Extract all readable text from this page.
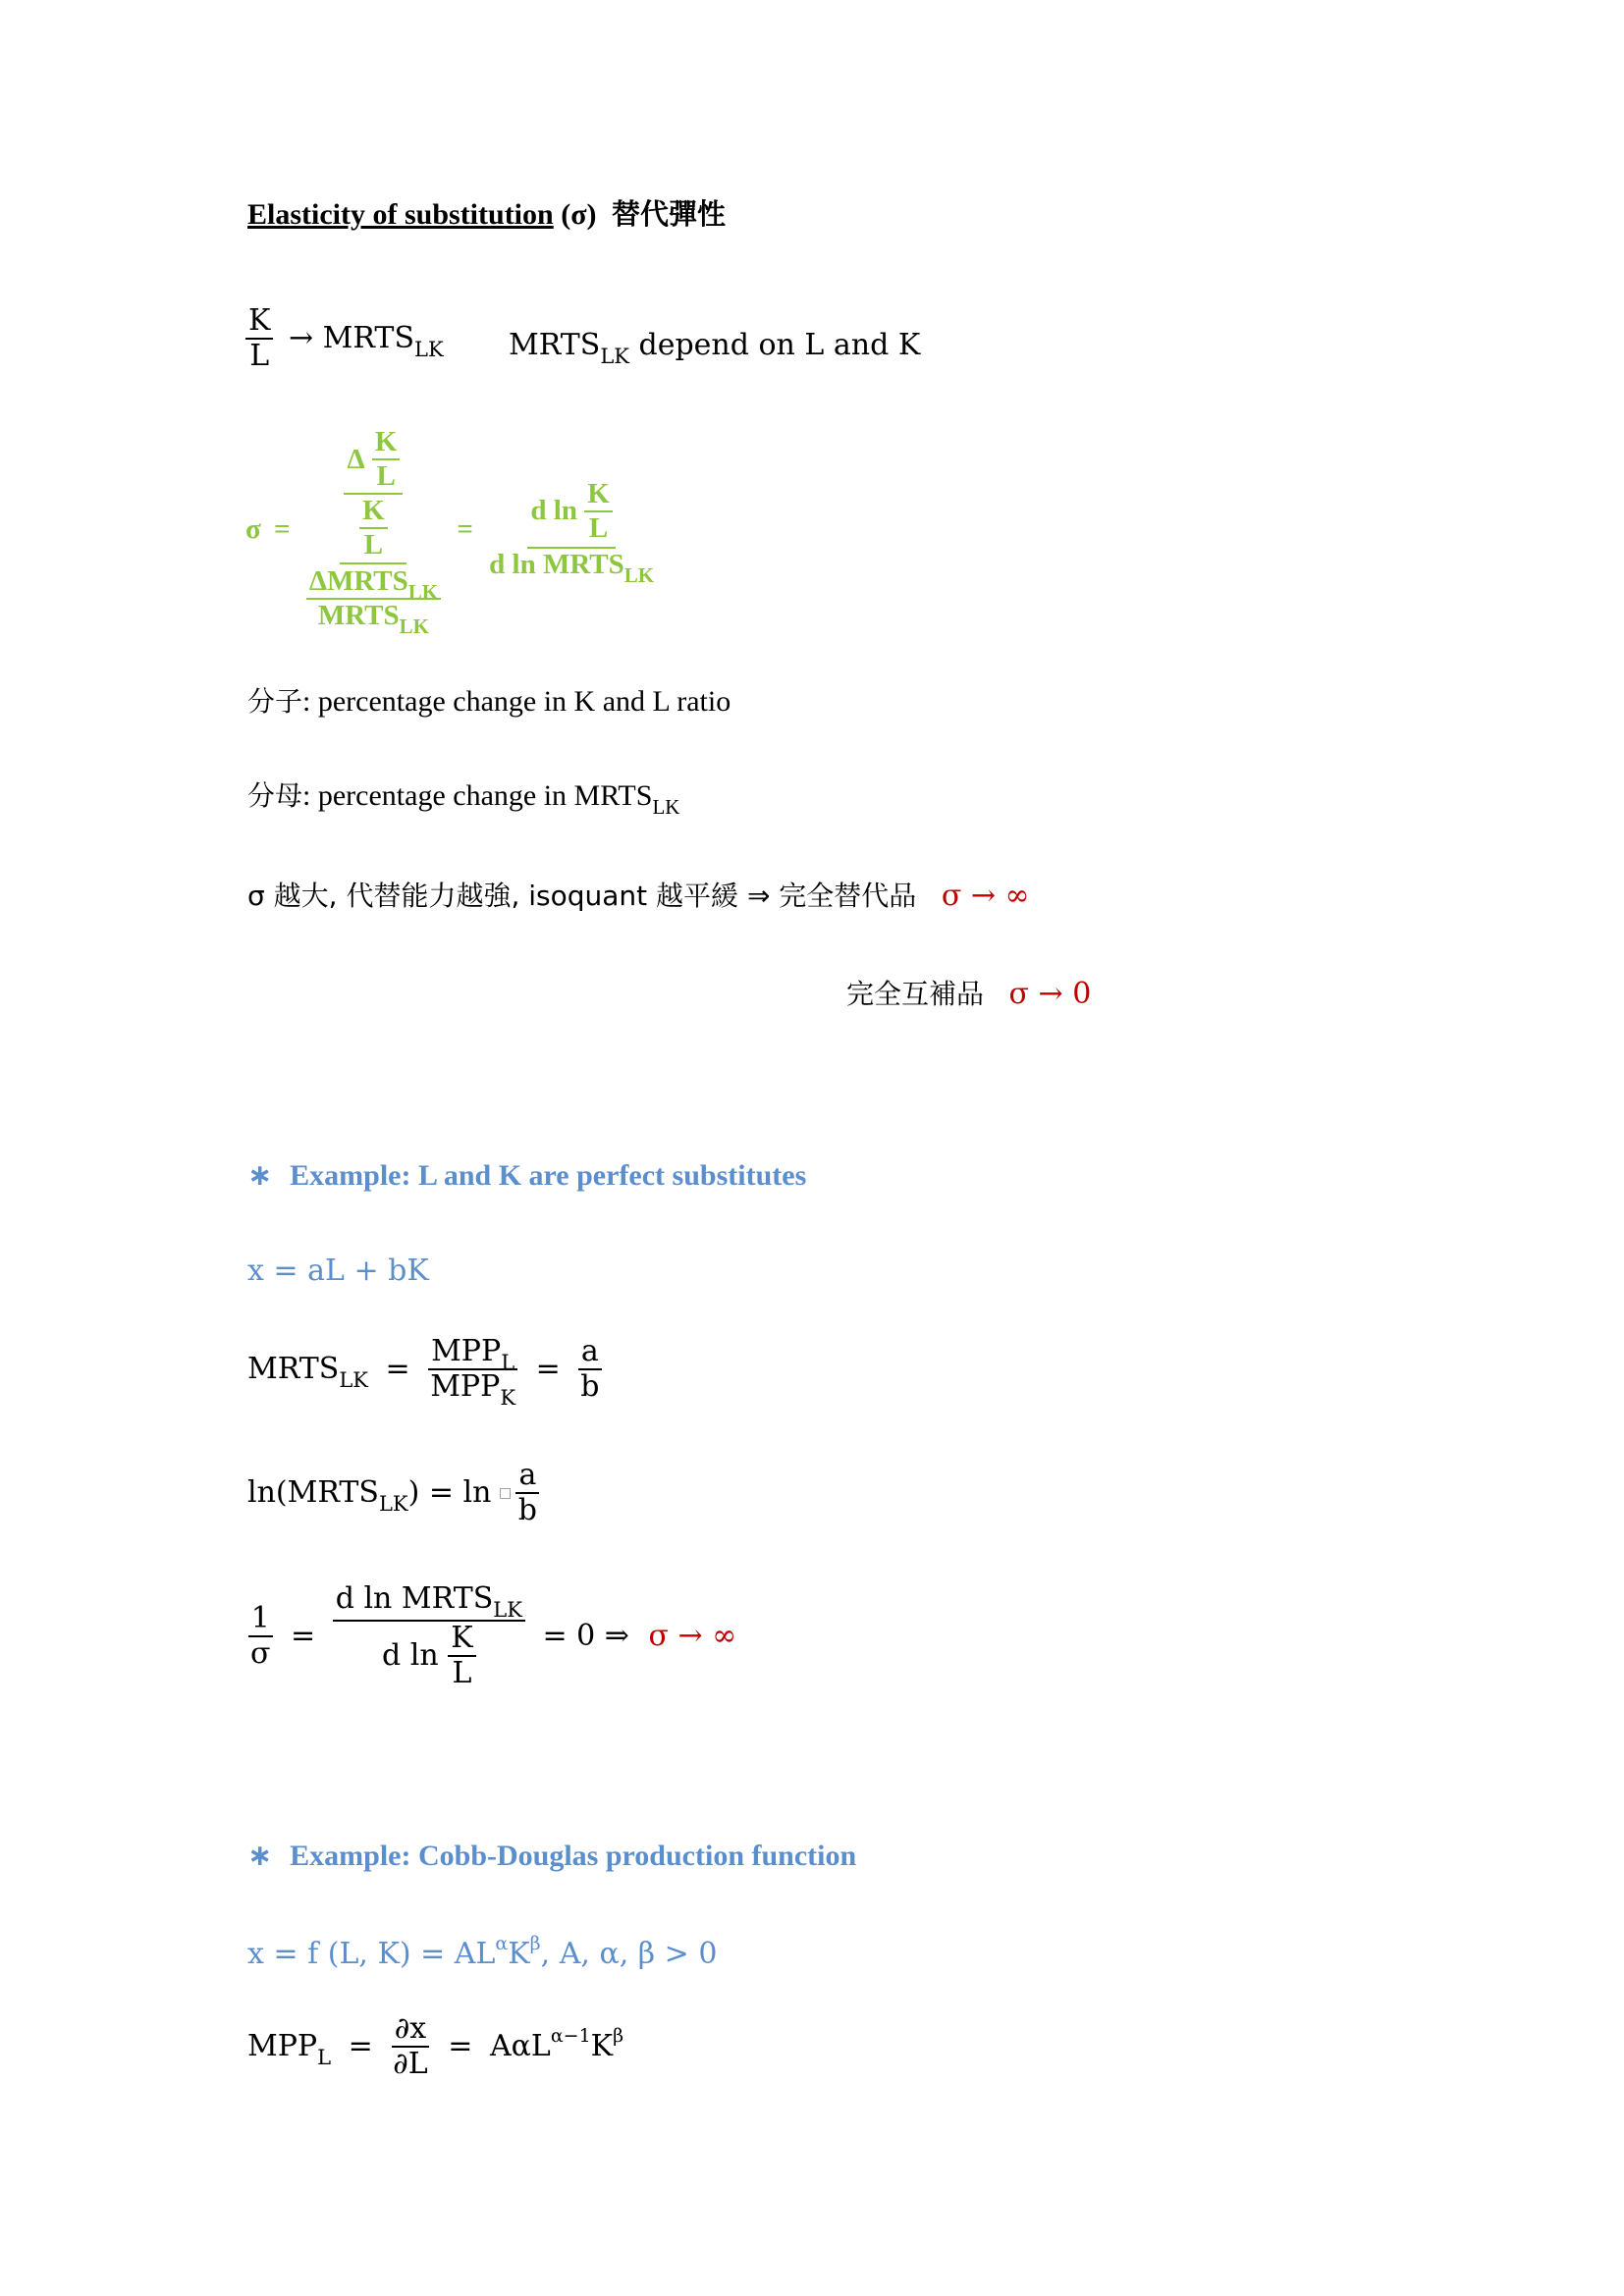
Elasticity of substitution (σ) 替代彈性
$\frac{K}{L}$ → $MRTS_{LK}$ $MRTS_{LK}$ depend on L and K
$\sigma = \frac{\Delta \frac{K}{L}}{\frac{K}{L}}$
$\frac{\Delta MRTS_{LK}}{MRTS_{LK}}$
= $\frac{d \ln \frac{K}{L}}{d \ln MRTS_{LK}}$
分子: percentage change in K and L ratio
分母: percentage change in $MRTS_{LK}$
σ 越大, 代替能力越強, isoquant 越平緩 ⇒ 完全替代品 σ → ∞
完全互補品 σ → 0
∗ Example: L and K are perfect substitutes
x = aL + bK
$MRTS_{LK} = \frac{MPP_L}{MPP_K} = \frac{a}{b}$
$\ln(MRTS_{LK}) = \ln$ □ $\frac{a}{b}$
$\frac{1}{\sigma} = \frac{d \ln MRTS_{LK}}{d \ln \frac{K}{L}} = 0$ ⇒ σ → ∞
∗ Example: Cobb-Douglas production function
x = f (L, $K) = AL^\alpha K^\beta$, A, α, β > 0
$MPP_L = \frac{\partial x}{\partial L} = A\alpha L^{\alpha-1}K^\beta$
